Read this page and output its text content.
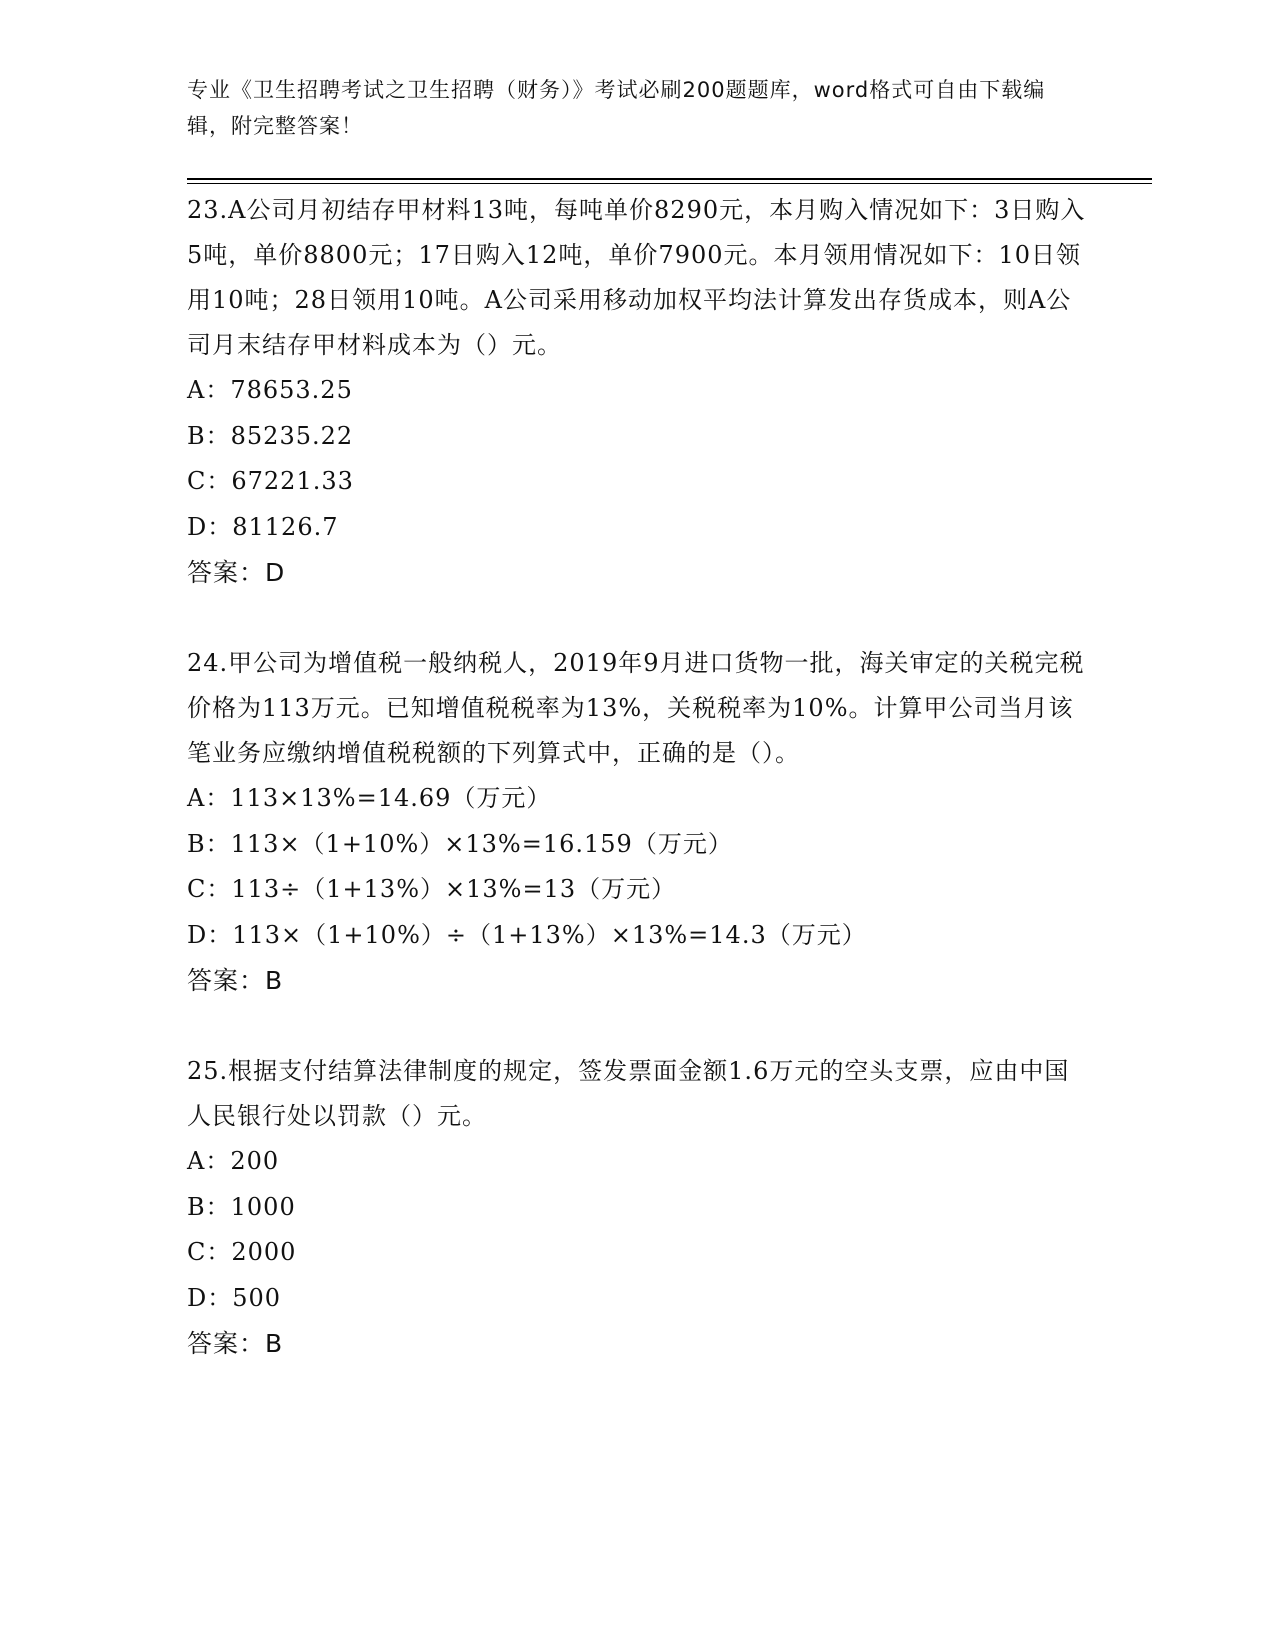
专业《卫生招聘考试之卫生招聘（财务）》考试必刷200题题库，word格式可自由下载编辑，附完整答案！
23.A公司月初结存甲材料13吨，每吨单价8290元，本月购入情况如下：3日购入5吨，单价8800元；17日购入12吨，单价7900元。本月领用情况如下：10日领用10吨；28日领用10吨。A公司采用移动加权平均法计算发出存货成本，则A公司月末结存甲材料成本为（）元。
A：78653.25
B：85235.22
C：67221.33
D：81126.7
答案：D
24.甲公司为增值税一般纳税人，2019年9月进口货物一批，海关审定的关税完税价格为113万元。已知增值税税率为13%，关税税率为10%。计算甲公司当月该笔业务应缴纳增值税税额的下列算式中，正确的是（）。
A：113×13%=14.69（万元）
B：113×（1+10%）×13%=16.159（万元）
C：113÷（1+13%）×13%=13（万元）
D：113×（1+10%）÷（1+13%）×13%=14.3（万元）
答案：B
25.根据支付结算法律制度的规定，签发票面金额1.6万元的空头支票，应由中国人民银行处以罚款（）元。
A：200
B：1000
C：2000
D：500
答案：B
